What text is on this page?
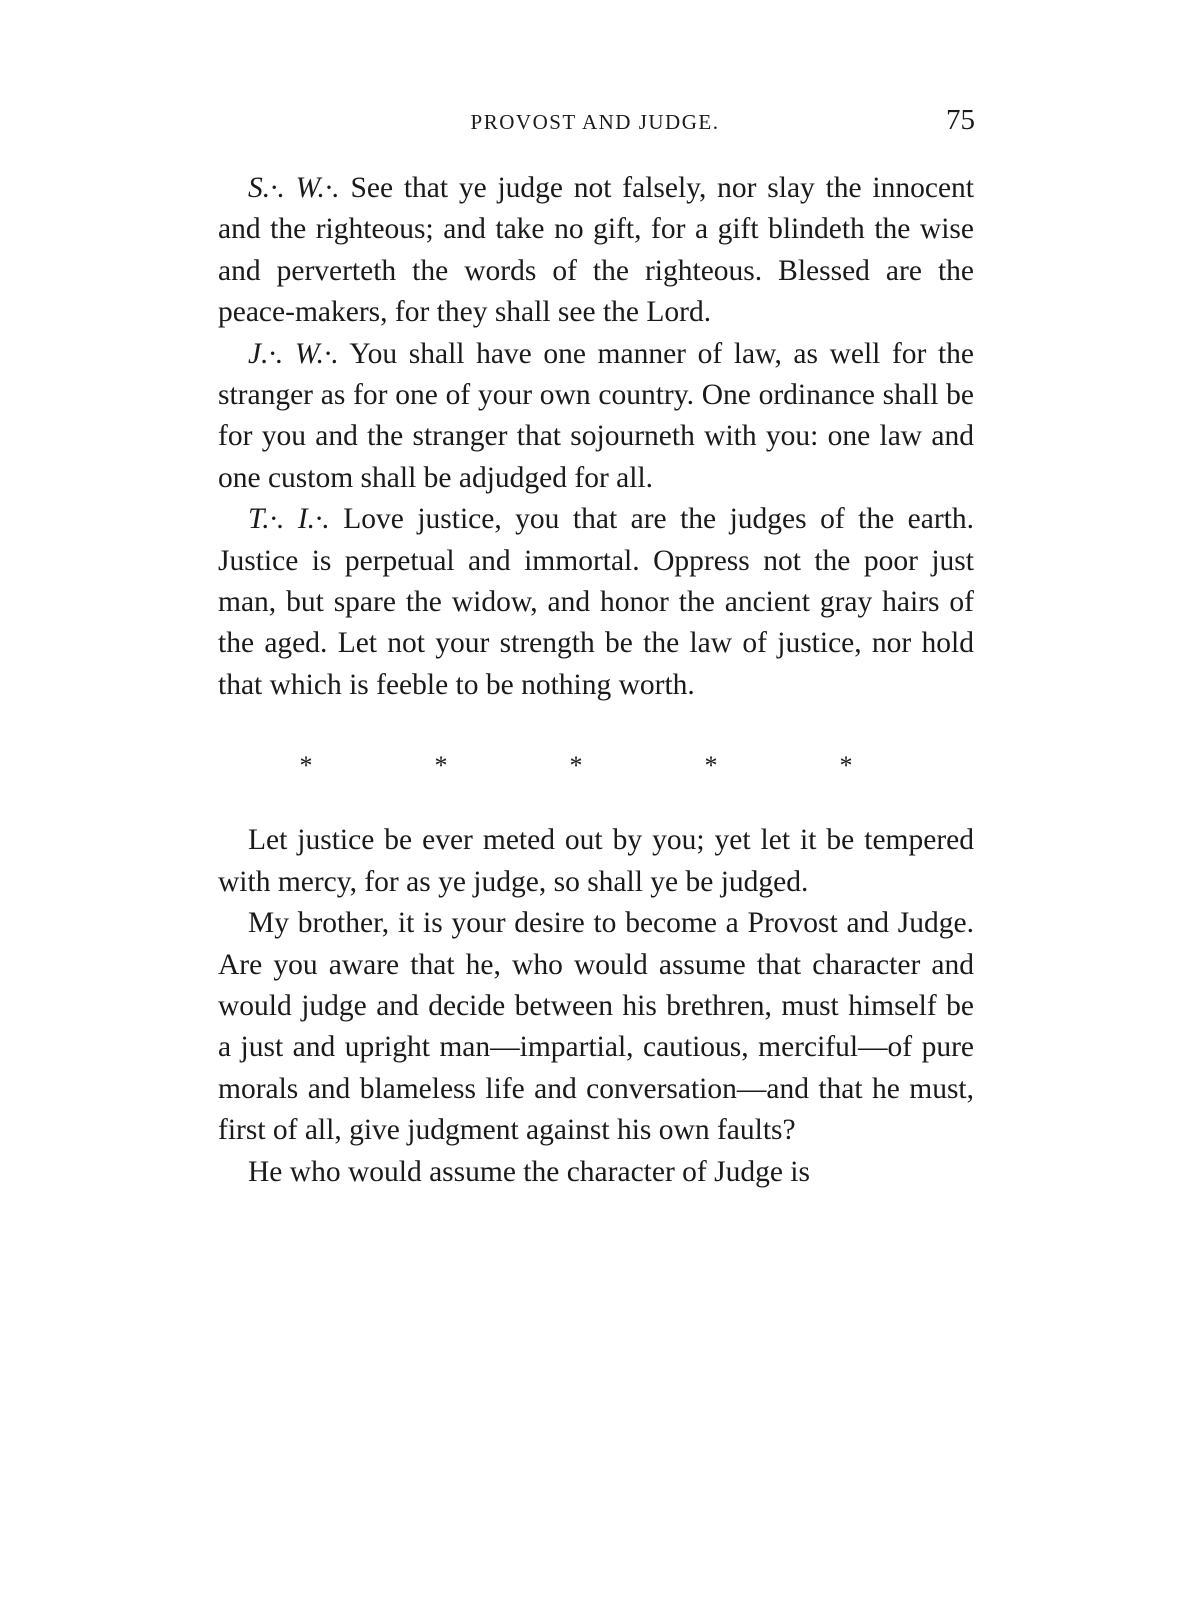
PROVOST AND JUDGE.	75

S.·. W.·. See that ye judge not falsely, nor slay the innocent and the righteous; and take no gift, for a gift blindeth the wise and perverteth the words of the righteous. Blessed are the peace-makers, for they shall see the Lord.

J.·. W.·. You shall have one manner of law, as well for the stranger as for one of your own country. One ordinance shall be for you and the stranger that sojourneth with you: one law and one custom shall be adjudged for all.

T.·. I.·. Love justice, you that are the judges of the earth. Justice is perpetual and immortal. Oppress not the poor just man, but spare the widow, and honor the ancient gray hairs of the aged. Let not your strength be the law of justice, nor hold that which is feeble to be nothing worth.

*	*	*	*	*

Let justice be ever meted out by you; yet let it be tempered with mercy, for as ye judge, so shall ye be judged.

My brother, it is your desire to become a Provost and Judge. Are you aware that he, who would assume that character and would judge and decide between his brethren, must himself be a just and upright man—impartial, cautious, merciful—of pure morals and blameless life and conversation—and that he must, first of all, give judgment against his own faults?

He who would assume the character of Judge is
